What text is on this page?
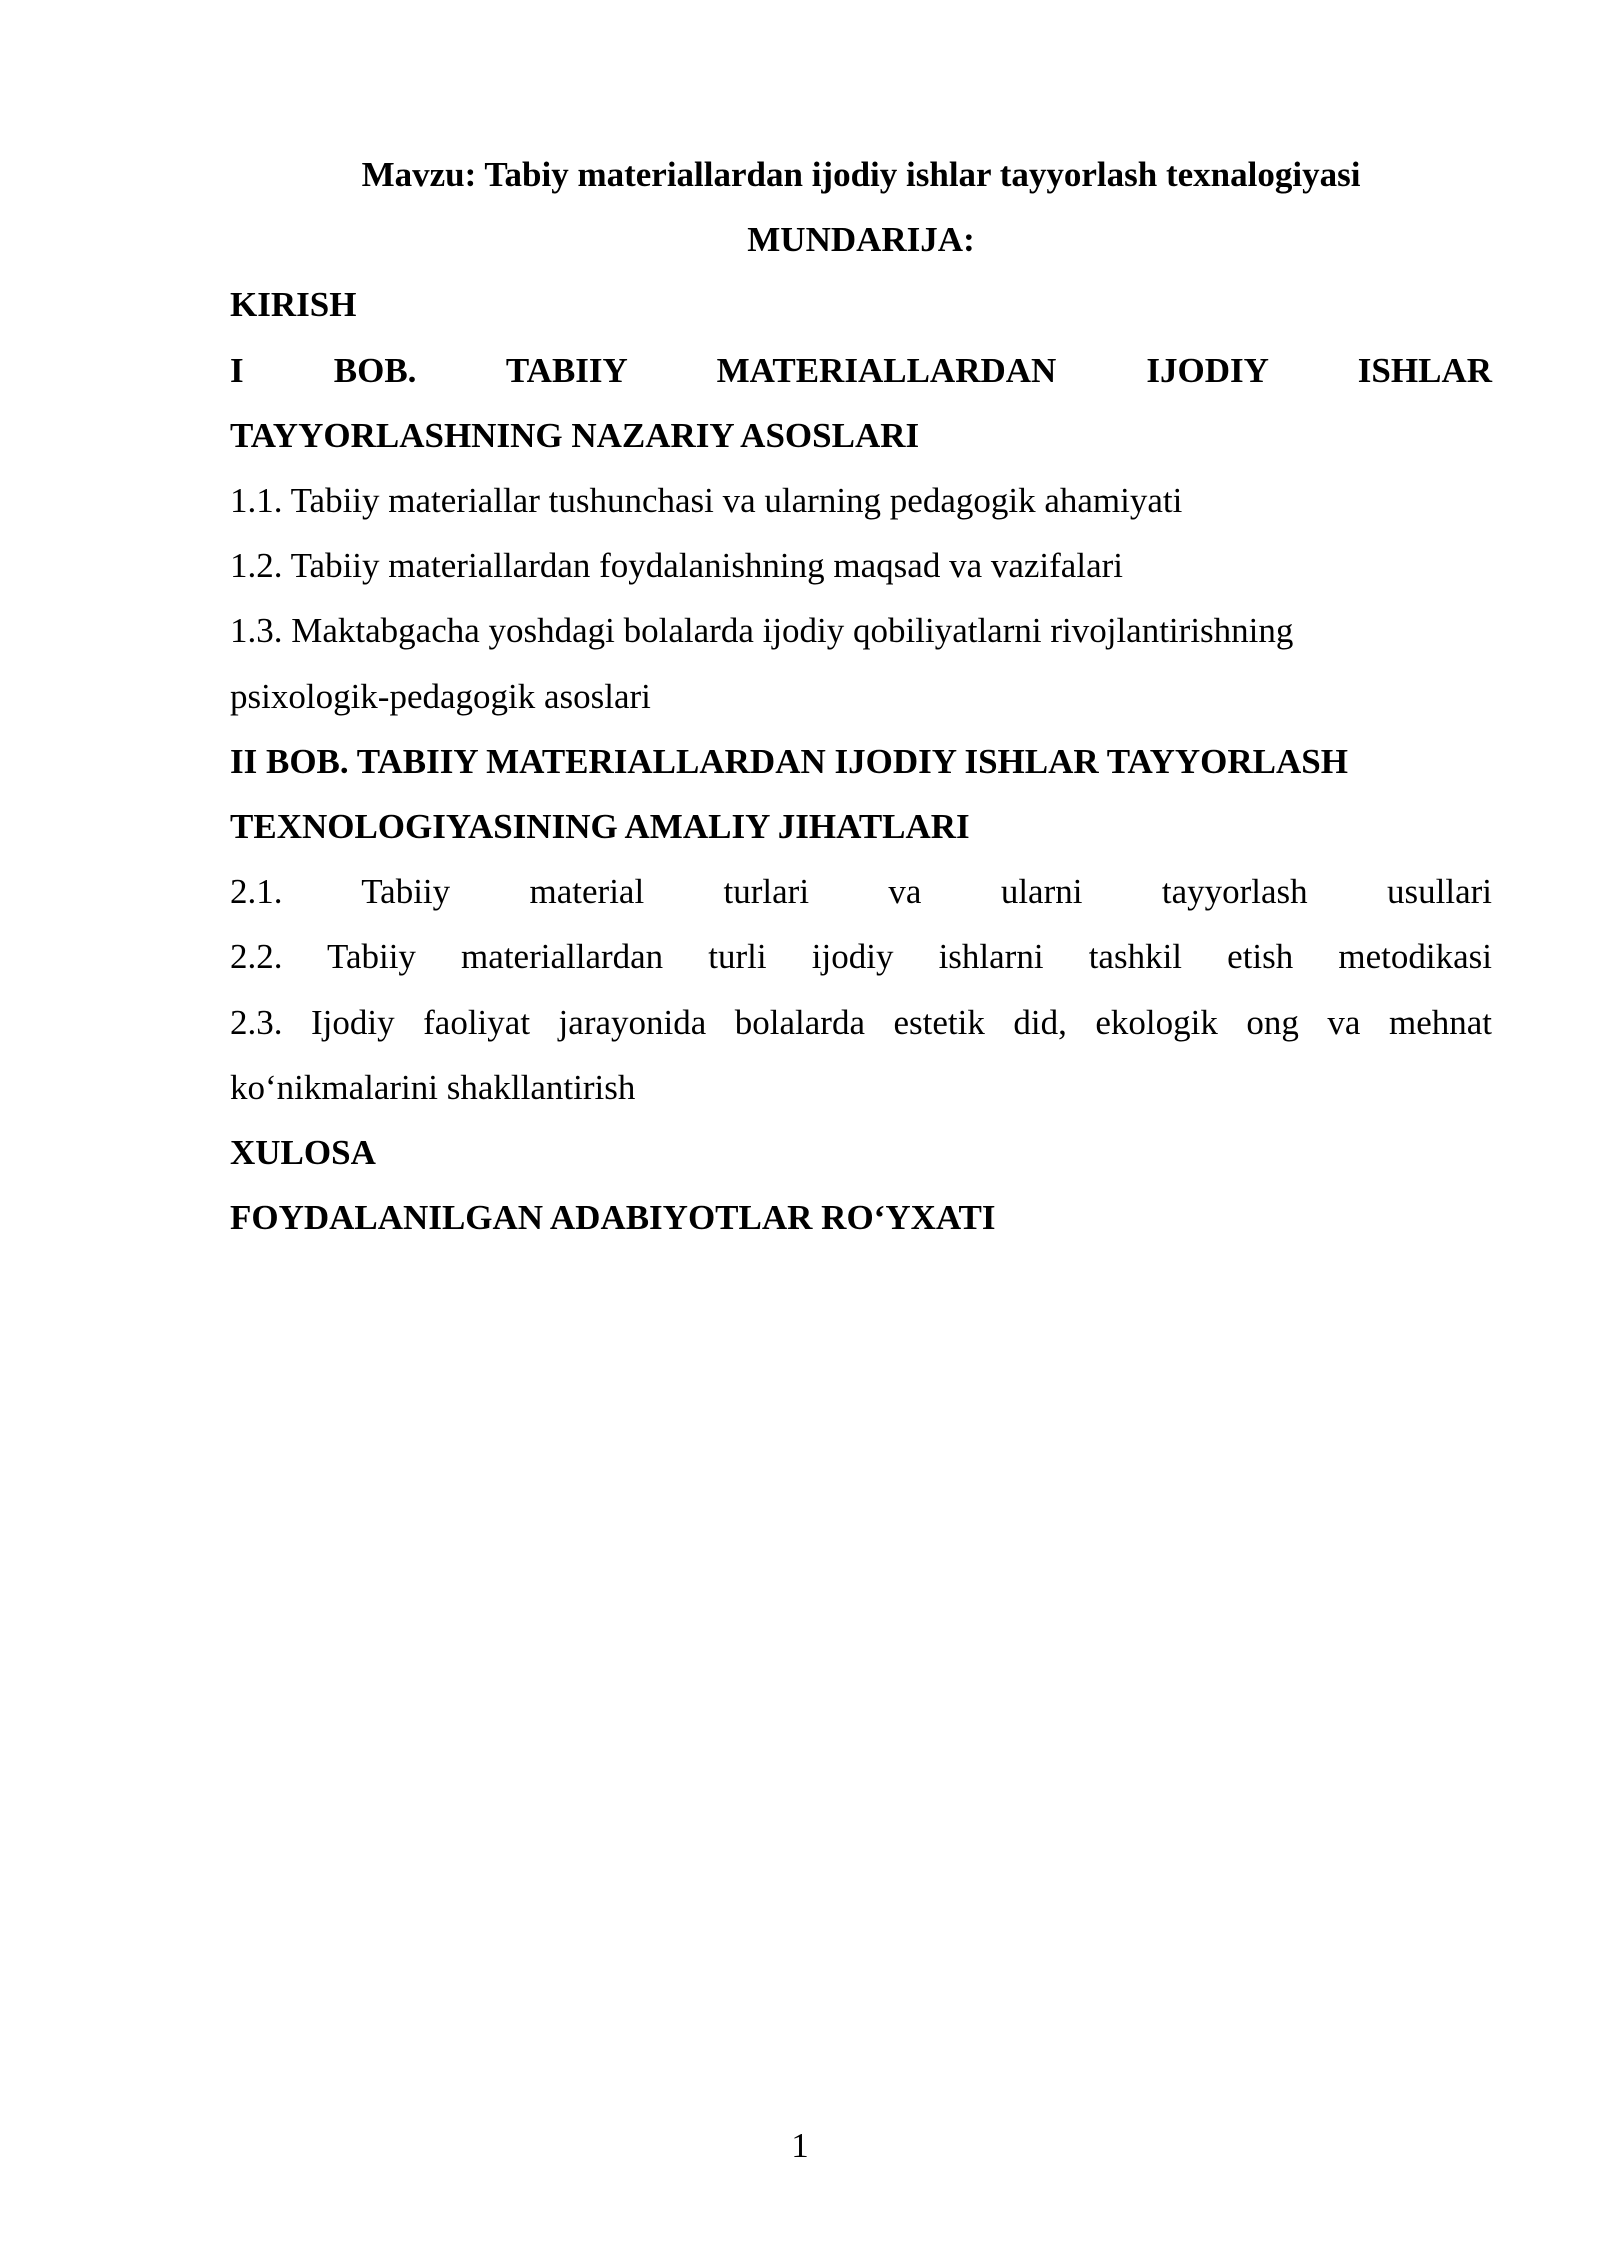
Mavzu: Tabiy materiallardan ijodiy ishlar tayyorlash texnalogiyasi

MUNDARIJA:

KIRISH

I BOB. TABIIY MATERIALLARDAN IJODIY ISHLAR

TAYYORLASHNING NAZARIY ASOSLARI

1.1. Tabiiy materiallar tushunchasi va ularning pedagogik ahamiyati

1.2. Tabiiy materiallardan foydalanishning maqsad va vazifalari

1.3. Maktabgacha yoshdagi bolalarda ijodiy qobiliyatlarni rivojlantirishning

psixologik-pedagogik asoslari

II BOB. TABIIY MATERIALLARDAN IJODIY ISHLAR TAYYORLASH

TEXNOLOGIYASINING AMALIY JIHATLARI

2.1. Tabiiy material turlari va ularni tayyorlash usullari

2.2. Tabiiy materiallardan turli ijodiy ishlarni tashkil etish metodikasi

2.3. Ijodiy faoliyat jarayonida bolalarda estetik did, ekologik ong va mehnat

koʻnikmalarini shakllantirish

XULOSA

FOYDALANILGAN ADABIYOTLAR ROʻYXATI

1
